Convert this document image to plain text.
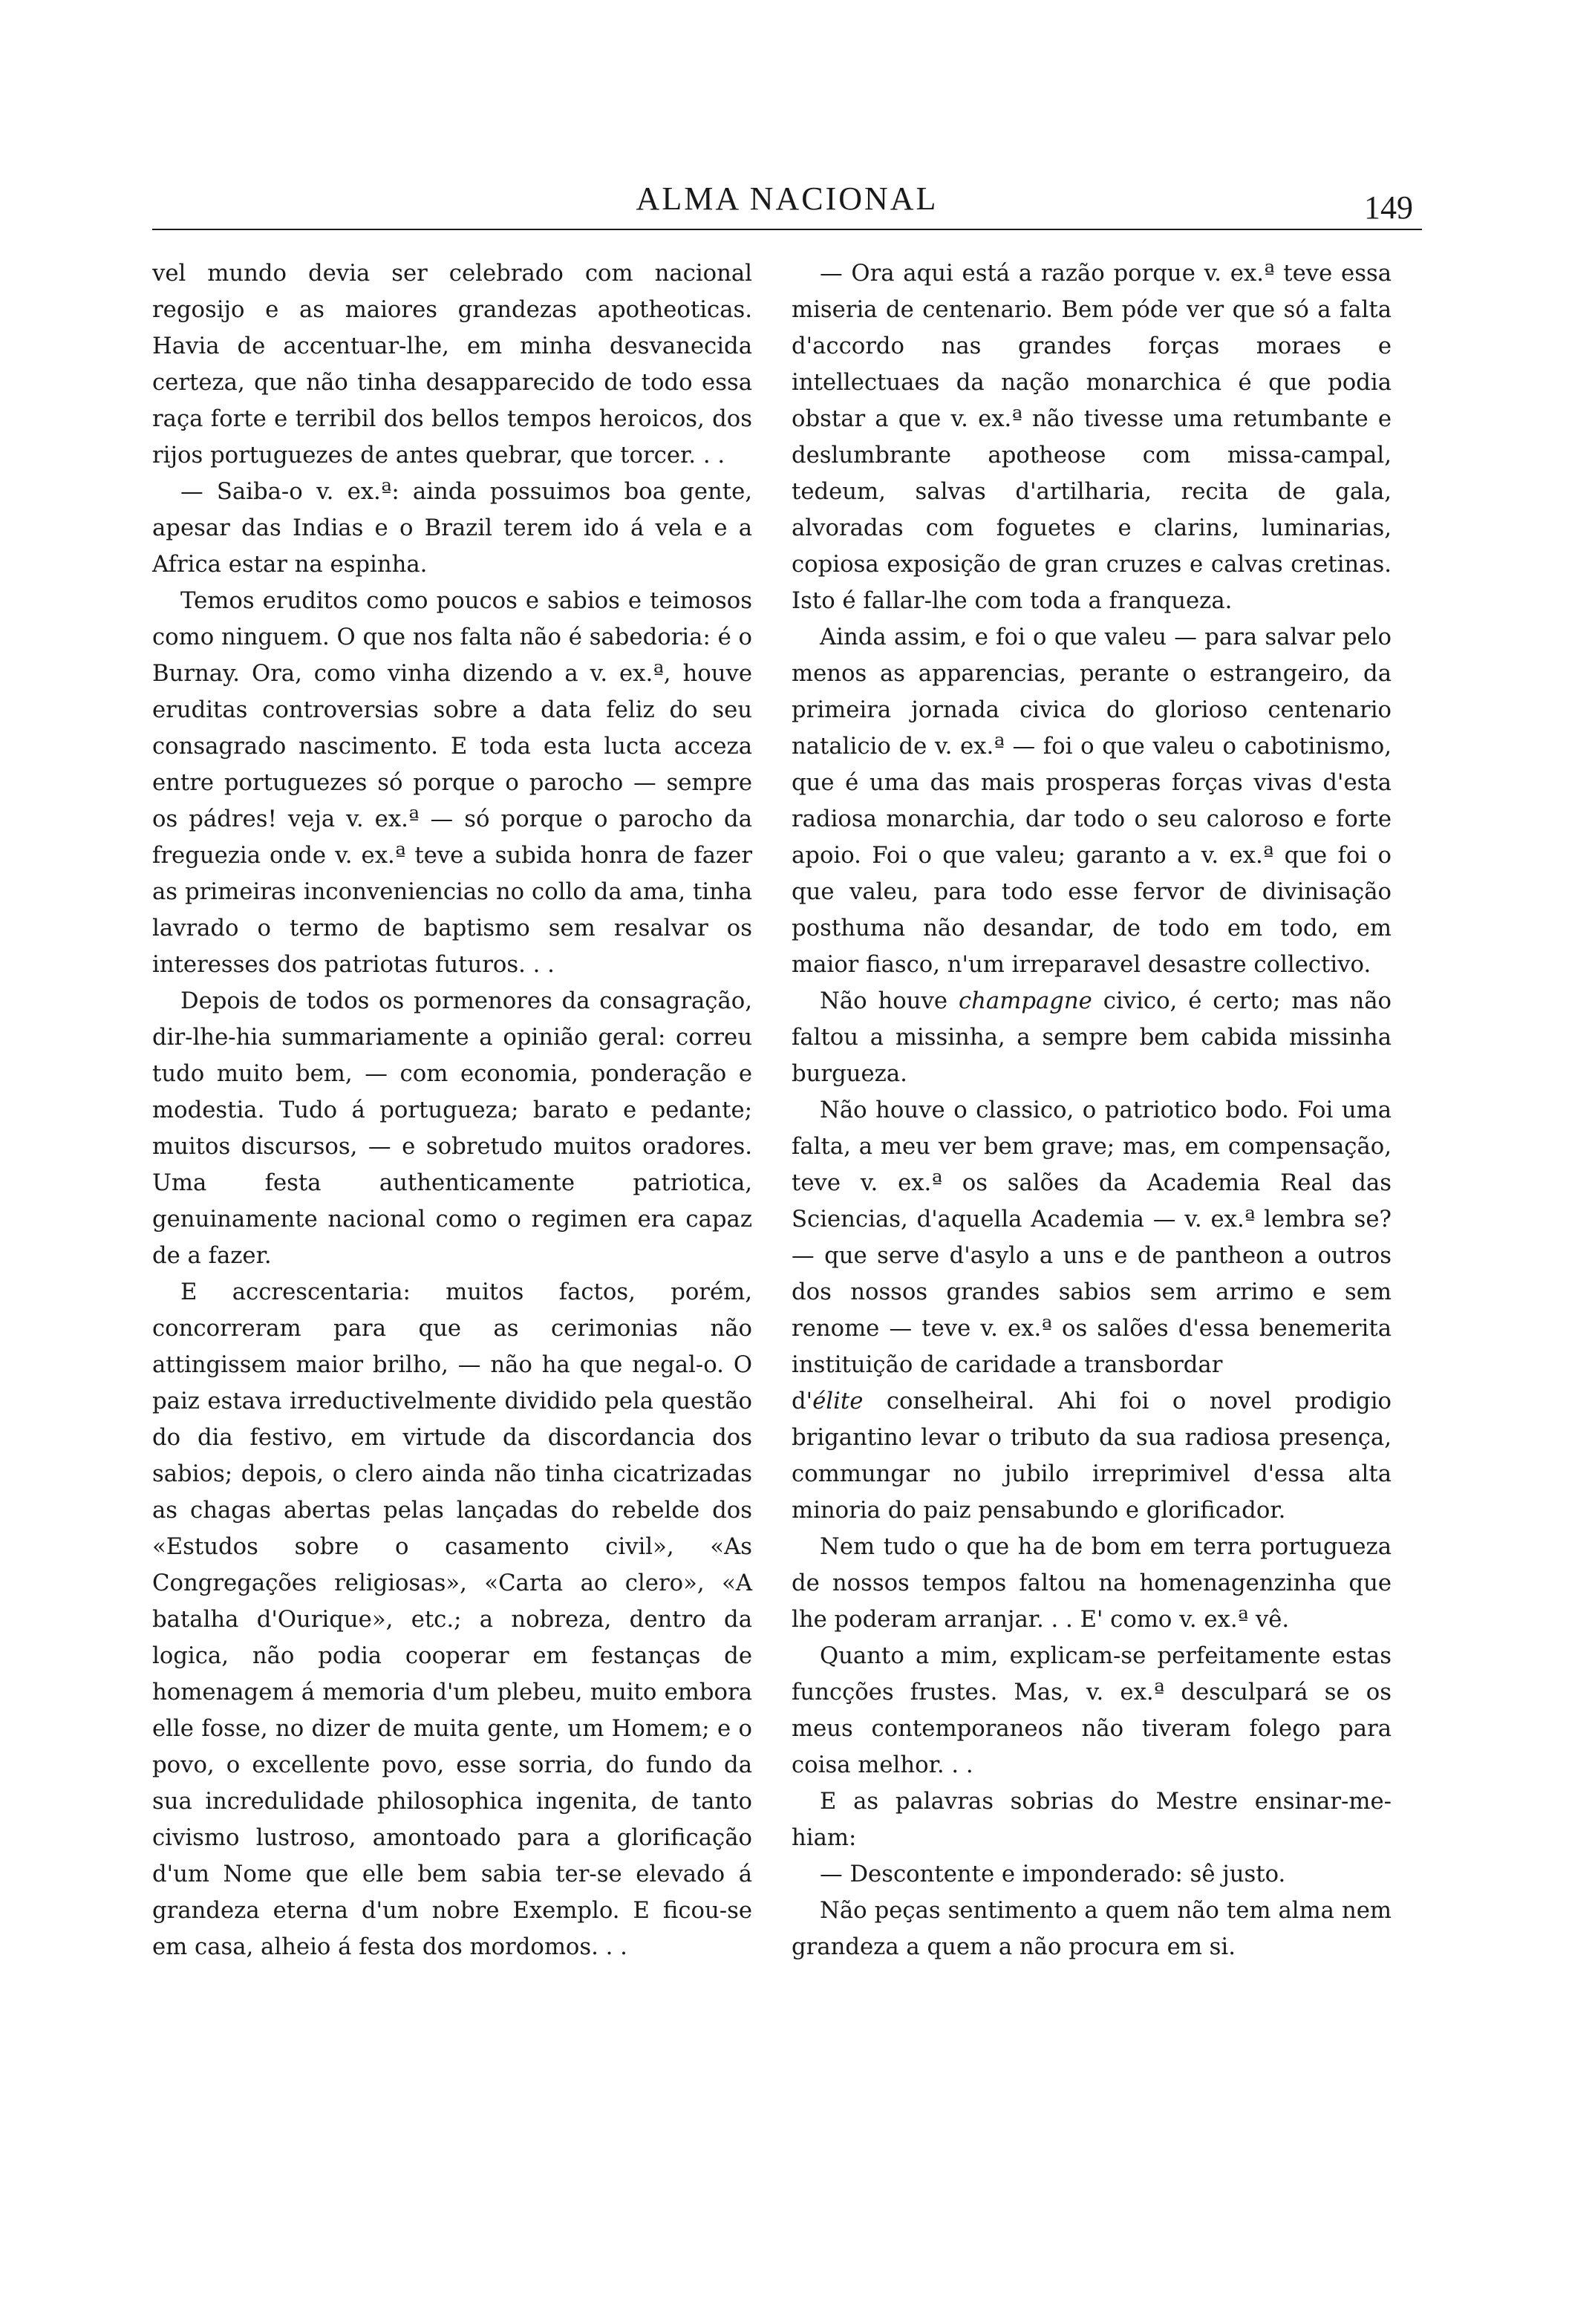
ALMA NACIONAL	149

vel mundo devia ser celebrado com nacional regosijo e as maiores grandezas apotheoticas. Havia de accentuar-lhe, em minha desvanecida certeza, que não tinha desapparecido de todo essa raça forte e terribil dos bellos tempos heroicos, dos rijos portuguezes de antes quebrar, que torcer. . .

— Saiba-o v. ex.ª: ainda possuimos boa gente, apesar das Indias e o Brazil terem ido á vela e a Africa estar na espinha.

Temos eruditos como poucos e sabios e teimosos como ninguem. O que nos falta não é sabedoria: é o Burnay. Ora, como vinha dizendo a v. ex.ª, houve eruditas controversias sobre a data feliz do seu consagrado nascimento. E toda esta lucta acceza entre portuguezes só porque o parocho — sempre os pádres! veja v. ex.ª — só porque o parocho da freguezia onde v. ex.ª teve a subida honra de fazer as primeiras inconveniencias no collo da ama, tinha lavrado o termo de baptismo sem resalvar os interesses dos patriotas futuros. . .

Depois de todos os pormenores da consagração, dir-lhe-hia summariamente a opinião geral: correu tudo muito bem, — com economia, ponderação e modestia. Tudo á portugueza; barato e pedante; muitos discursos, — e sobretudo muitos oradores. Uma festa authenticamente patriotica, genuinamente nacional como o regimen era capaz de a fazer.

E accrescentaria: muitos factos, porém, concorreram para que as cerimonias não attingissem maior brilho, — não ha que negal-o. O paiz estava irreductivelmente dividido pela questão do dia festivo, em virtude da discordancia dos sabios; depois, o clero ainda não tinha cicatrizadas as chagas abertas pelas lançadas do rebelde dos «Estudos sobre o casamento civil», «As Congregações religiosas», «Carta ao clero», «A batalha d'Ourique», etc.; a nobreza, dentro da logica, não podia cooperar em festanças de homenagem á memoria d'um plebeu, muito embora elle fosse, no dizer de muita gente, um Homem; e o povo, o excellente povo, esse sorria, do fundo da sua incredulidade philosophica ingenita, de tanto civismo lustroso, amontoado para a glorificação d'um Nome que elle bem sabia ter-se elevado á grandeza eterna d'um nobre Exemplo. E ficou-se em casa, alheio á festa dos mordomos. . .

— Ora aqui está a razão porque v. ex.ª teve essa miseria de centenario. Bem póde ver que só a falta d'accordo nas grandes forças moraes e intellectuaes da nação monarchica é que podia obstar a que v. ex.ª não tivesse uma retumbante e deslumbrante apotheose com missa-campal, tedeum, salvas d'artilharia, recita de gala, alvoradas com foguetes e clarins, luminarias, copiosa exposição de gran cruzes e calvas cretinas. Isto é fallar-lhe com toda a franqueza.

Ainda assim, e foi o que valeu — para salvar pelo menos as apparencias, perante o estrangeiro, da primeira jornada civica do glorioso centenario natalicio de v. ex.ª — foi o que valeu o cabotinismo, que é uma das mais prosperas forças vivas d'esta radiosa monarchia, dar todo o seu caloroso e forte apoio. Foi o que valeu; garanto a v. ex.ª que foi o que valeu, para todo esse fervor de divinisação posthuma não desandar, de todo em todo, em maior fiasco, n'um irreparavel desastre collectivo.

Não houve champagne civico, é certo; mas não faltou a missinha, a sempre bem cabida missinha burgueza.

Não houve o classico, o patriotico bodo. Foi uma falta, a meu ver bem grave; mas, em compensação, teve v. ex.ª os salões da Academia Real das Sciencias, d'aquella Academia — v. ex.ª lembra se? — que serve d'asylo a uns e de pantheon a outros dos nossos grandes sabios sem arrimo e sem renome — teve v. ex.ª os salões d'essa benemerita instituição de caridade a transbordar

d'élite conselheiral. Ahi foi o novel prodigio brigantino levar o tributo da sua radiosa presença, commungar no jubilo irreprimivel d'essa alta minoria do paiz pensabundo e glorificador.

Nem tudo o que ha de bom em terra portugueza de nossos tempos faltou na homenagenzinha que lhe poderam arranjar. . . E' como v. ex.ª vê.

Quanto a mim, explicam-se perfeitamente estas funcções frustes. Mas, v. ex.ª desculpará se os meus contemporaneos não tiveram folego para coisa melhor. . .

E as palavras sobrias do Mestre ensinar-me-hiam:

— Descontente e imponderado: sê justo.

Não peças sentimento a quem não tem alma nem grandeza a quem a não procura em si.
